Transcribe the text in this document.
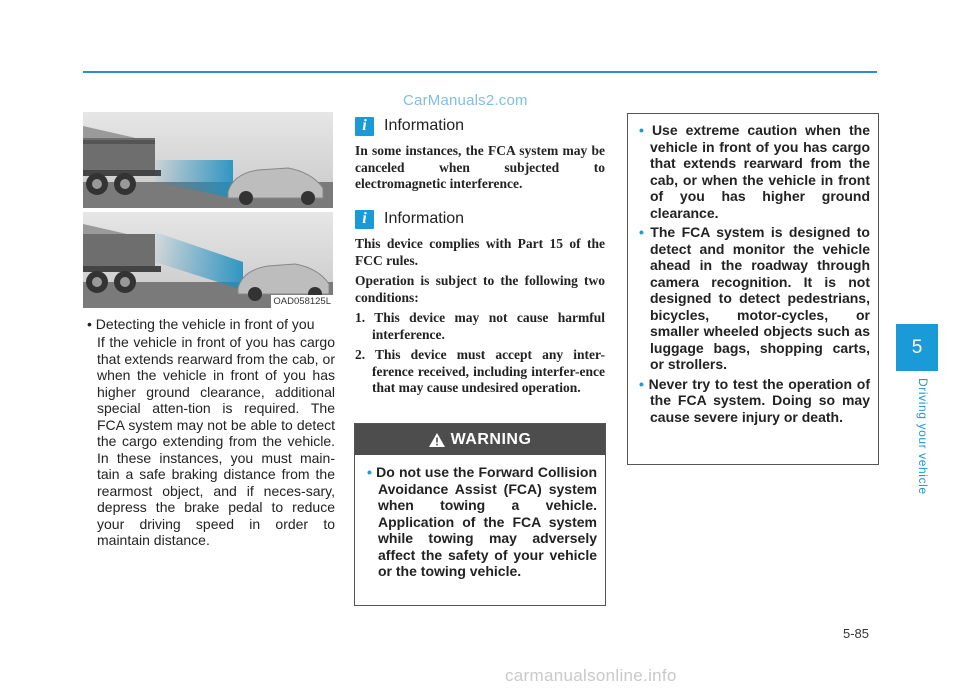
CarManuals2.com
OAD058125L

• Detecting the vehicle in front of you

If the vehicle in front of you has cargo that extends rearward from the cab, or when the vehicle in front of you has higher ground clearance, additional special atten-tion is required. The FCA system may not be able to detect the cargo extending from the vehicle. In these instances, you must main-tain a safe braking distance from the rearmost object, and if neces-sary, depress the brake pedal to reduce your driving speed in order to maintain distance.

i	Information

In some instances, the FCA system may be canceled when subjected to electromagnetic interference.

i	Information

This device complies with Part 15 of the FCC rules.

Operation is subject to the following two conditions:

1. This device may not cause harmful interference.
2. This device must accept any inter-ference received, including interfer-ence that may cause undesired operation.
WARNING

• Do not use the Forward Collision Avoidance Assist (FCA) system when towing a vehicle. Application of the FCA system while towing may adversely affect the safety of your vehicle or the towing vehicle.

• Use extreme caution when the vehicle in front of you has cargo that extends rearward from the cab, or when the vehicle in front of you has higher ground clearance.

• The FCA system is designed to detect and monitor the vehicle ahead in the roadway through camera recognition. It is not designed to detect pedestrians, bicycles, motor-cycles, or smaller wheeled objects such as luggage bags, shopping carts, or strollers.

• Never try to test the operation of the FCA system. Doing so may cause severe injury or death.

5
Driving your vehicle
5-85
carmanualsonline.info
